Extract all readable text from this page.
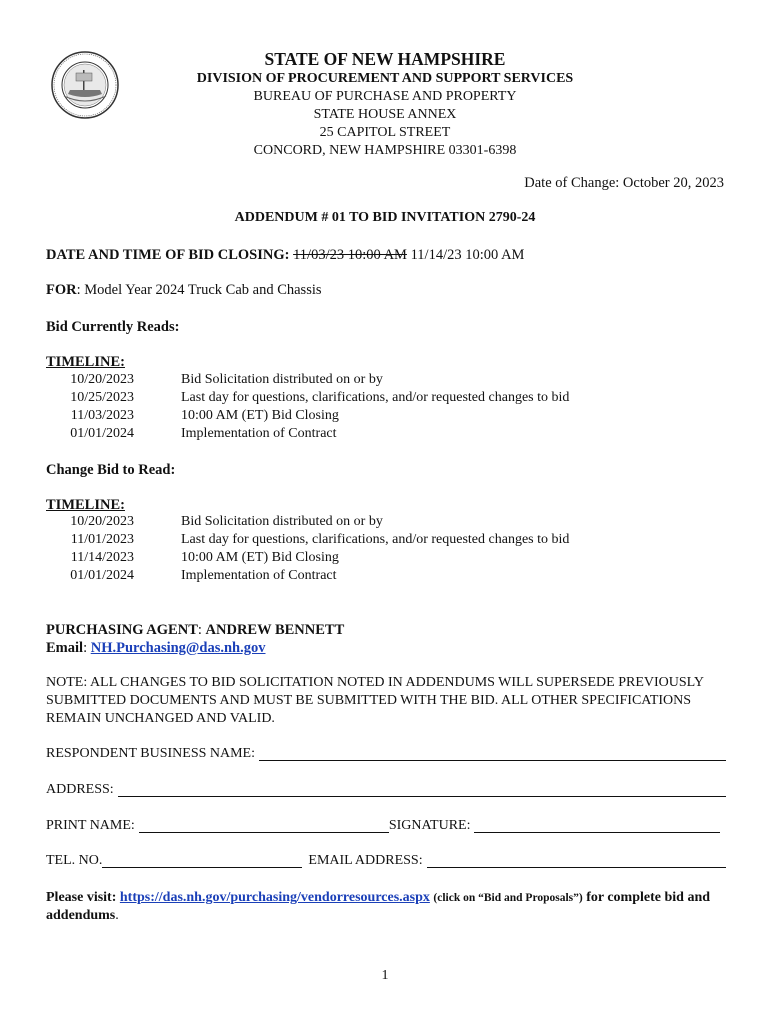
STATE OF NEW HAMPSHIRE
DIVISION OF PROCUREMENT AND SUPPORT SERVICES
BUREAU OF PURCHASE AND PROPERTY
STATE HOUSE ANNEX
25 CAPITOL STREET
CONCORD, NEW HAMPSHIRE 03301-6398
Date of Change: October 20, 2023
ADDENDUM # 01 TO BID INVITATION 2790-24
DATE AND TIME OF BID CLOSING: 11/03/23 10:00 AM 11/14/23 10:00 AM
FOR: Model Year 2024 Truck Cab and Chassis
Bid Currently Reads:
TIMELINE:
10/20/2023	Bid Solicitation distributed on or by
10/25/2023	Last day for questions, clarifications, and/or requested changes to bid
11/03/2023	10:00 AM (ET) Bid Closing
01/01/2024	Implementation of Contract
Change Bid to Read:
TIMELINE:
10/20/2023	Bid Solicitation distributed on or by
11/01/2023	Last day for questions, clarifications, and/or requested changes to bid
11/14/2023	10:00 AM (ET) Bid Closing
01/01/2024	Implementation of Contract
PURCHASING AGENT: ANDREW BENNETT
Email: NH.Purchasing@das.nh.gov
NOTE: ALL CHANGES TO BID SOLICITATION NOTED IN ADDENDUMS WILL SUPERSEDE PREVIOUSLY SUBMITTED DOCUMENTS AND MUST BE SUBMITTED WITH THE BID. ALL OTHER SPECIFICATIONS REMAIN UNCHANGED AND VALID.
RESPONDENT BUSINESS NAME:
ADDRESS:
PRINT NAME:	SIGNATURE:
TEL. NO.	EMAIL ADDRESS:
Please visit: https://das.nh.gov/purchasing/vendorresources.aspx (click on “Bid and Proposals”) for complete bid and addendums.
1
